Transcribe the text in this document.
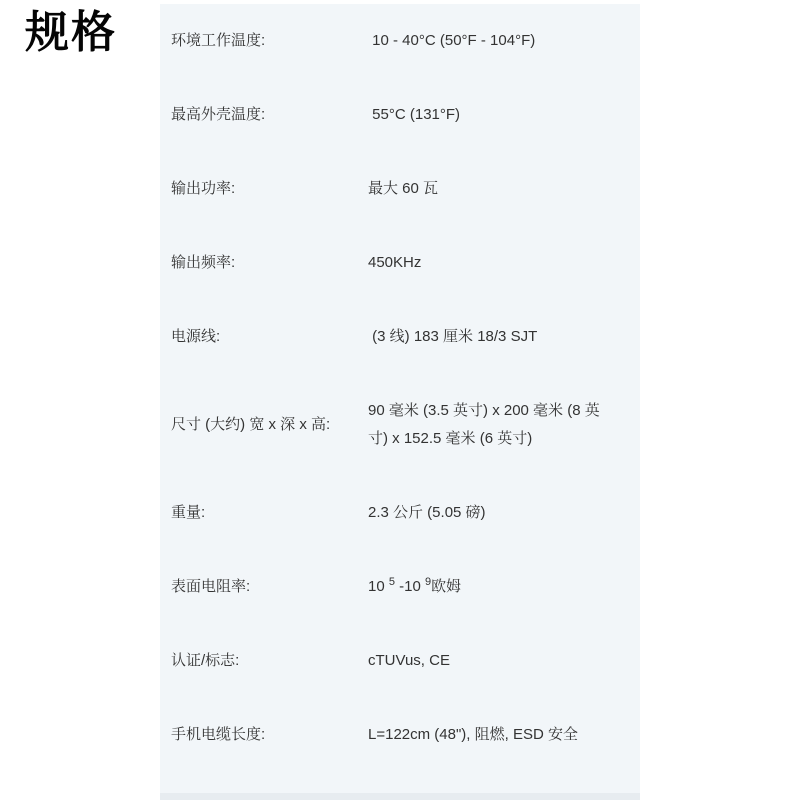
规格	环境工作温度:	10 - 40°C (50°F - 104°F)
最高外壳温度:	55°C (131°F)
输出功率:	最大 60 瓦
输出频率:	450KHz
电源线:	(3 线) 183 厘米 18/3 SJT
尺寸 (大约) 宽 x 深 x 高:
90 毫米 (3.5 英寸) x 200 毫米 (8 英寸) x 152.5 毫米 (6 英寸)
重量:	2.3 公斤 (5.05 磅)
表面电阻率:	10 $^5$ -10 $^9$欧姆
认证/标志:	cTUVus, CE
手机电缆长度:	L=122cm (48"), 阻燃, ESD 安全
